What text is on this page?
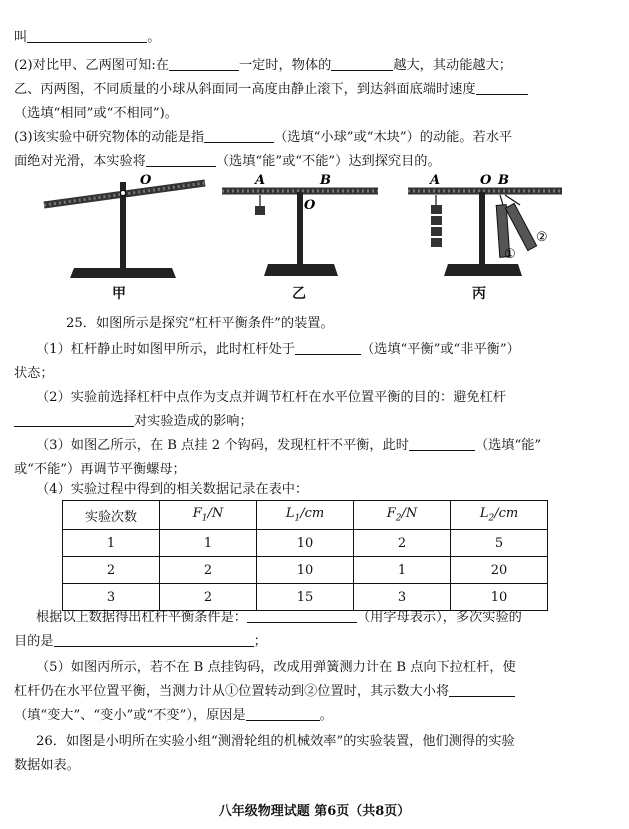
叫	。
(2)对比甲、乙两图可知:在	一定时，物体的	越大，其动能越大；
乙、丙两图，不同质量的小球从斜面同一高度由静止滚下，到达斜面底端时速度
（选填“相同”或“不相同”)。
(3)该实验中研究物体的动能是指	（选填“小球”或“木块”）的动能。若水平
面绝对光滑，本实验将	（选填“能”或“不能”）达到探究目的。
O	A	B
O
A	O B
①
②
甲	乙	丙
25．如图所示是探究“杠杆平衡条件”的装置。
（1）杠杆静止时如图甲所示，此时杠杆处于	（选填“平衡”或“非平衡”）
状态；
（2）实验前选择杠杆中点作为支点并调节杠杆在水平位置平衡的目的：避免杠杆
对实验造成的影响；
（3）如图乙所示，在 B 点挂 2 个钩码，发现杠杆不平衡，此时	（选填“能”
或“不能”）再调节平衡螺母；
（4）实验过程中得到的相关数据记录在表中：
实验次数	$F_1/N$	$L_1/cm$	$F_2/N$	$L_2/cm$
1	1	10	2	5
2	2	10	1	20
3	2	15	3	10
根据以上数据得出杠杆平衡条件是：	（用字母表示），多次实验的
目的是	；
（5）如图丙所示，若不在 B 点挂钩码，改成用弹簧测力计在 B 点向下拉杠杆，使
杠杆仍在水平位置平衡，当测力计从①位置转动到②位置时，其示数大小将
（填“变大”、“变小”或“不变”），原因是	。
26．如图是小明所在实验小组“测滑轮组的机械效率”的实验装置，他们测得的实验
数据如表。
八年级物理试题 第6页（共8页）
